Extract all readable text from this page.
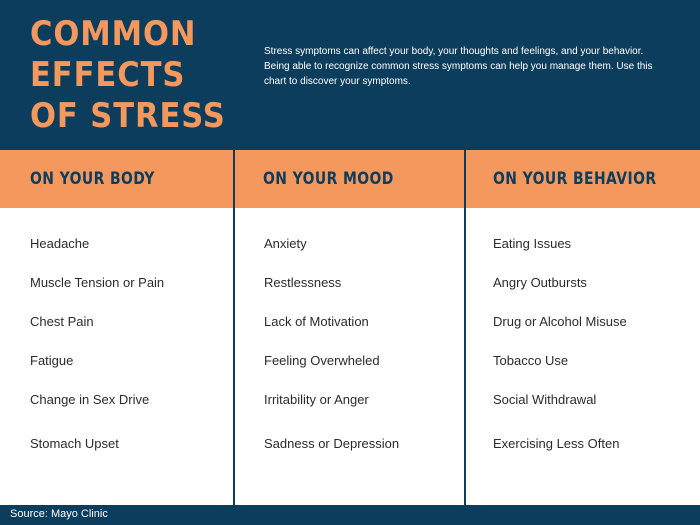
COMMON
EFFECTS
OF STRESS

Stress symptoms can affect your body, your thoughts and feelings, and your behavior. Being able to recognize common stress symptoms can help you manage them. Use this chart to discover your symptoms.

ON YOUR BODY
Headache
Muscle Tension or Pain
Chest Pain
Fatigue
Change in Sex Drive
Stomach Upset
ON YOUR MOOD
Anxiety
Restlessness
Lack of Motivation
Feeling Overwheled
Irritability or Anger
Sadness or Depression
ON YOUR BEHAVIOR
Eating Issues
Angry Outbursts
Drug or Alcohol Misuse
Tobacco Use
Social Withdrawal
Exercising Less Often
Source: Mayo Clinic
